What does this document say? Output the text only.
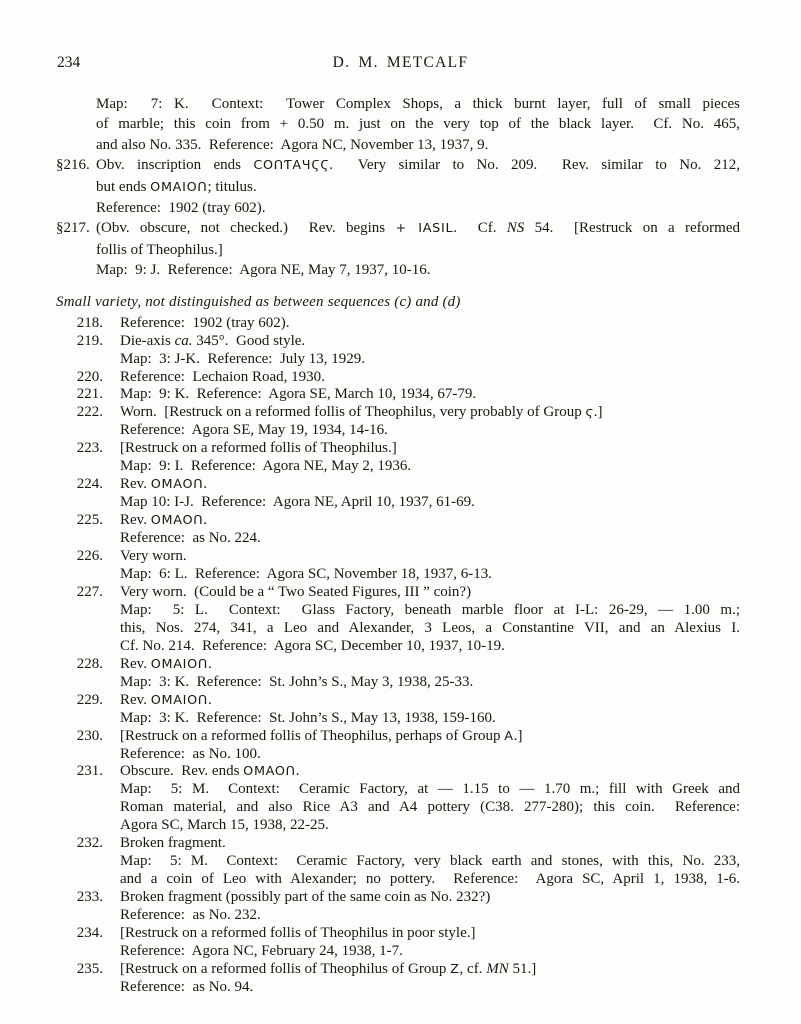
234	D. M. METCALF
Map:  7: K.  Context:  Tower Complex Shops, a thick burnt layer, full of small pieces
of marble; this coin from + 0.50 m. just on the very top of the black layer.  Cf. No. 465,
and also No. 335.  Reference:  Agora NC, November 13, 1937, 9.
§216. Obv. inscription ends COՈƬAЧϚϚ.  Very similar to No. 209.  Rev. similar to No. 212,
but ends OMAIOՈ; titulus.
Reference:  1902 (tray 602).
§217. (Obv. obscure, not checked.)  Rev. begins + IASIL.  Cf. NS 54.  [Restruck on a reformed
follis of Theophilus.]
Map:  9: J.  Reference:  Agora NE, May 7, 1937, 10-16.
Small variety, not distinguished as between sequences (c) and (d)
218. Reference:  1902 (tray 602).
219. Die-axis ca. 345°.  Good style.
Map:  3: J-K.  Reference:  July 13, 1929.
220. Reference:  Lechaion Road, 1930.
221. Map:  9: K.  Reference:  Agora SE, March 10, 1934, 67-79.
222. Worn.  [Restruck on a reformed follis of Theophilus, very probably of Group ϛ.]
Reference:  Agora SE, May 19, 1934, 14-16.
223. [Restruck on a reformed follis of Theophilus.]
Map:  9: I.  Reference:  Agora NE, May 2, 1936.
224. Rev. OMAOՈ.
Map 10: I-J.  Reference:  Agora NE, April 10, 1937, 61-69.
225. Rev. OMAOՈ.
Reference:  as No. 224.
226. Very worn.
Map:  6: L.  Reference:  Agora SC, November 18, 1937, 6-13.
227. Very worn.  (Could be a “ Two Seated Figures, III ” coin?)
Map:  5: L.  Context:  Glass Factory, beneath marble floor at I-L: 26-29, — 1.00 m.;
this, Nos. 274, 341, a Leo and Alexander, 3 Leos, a Constantine VII, and an Alexius I.
Cf. No. 214.  Reference:  Agora SC, December 10, 1937, 10-19.
228. Rev. OMAIOՈ.
Map:  3: K.  Reference:  St. John’s S., May 3, 1938, 25-33.
229. Rev. OMAIOՈ.
Map:  3: K.  Reference:  St. John’s S., May 13, 1938, 159-160.
230. [Restruck on a reformed follis of Theophilus, perhaps of Group A.]
Reference:  as No. 100.
231. Obscure.  Rev. ends OMAOՈ.
Map:  5: M.  Context:  Ceramic Factory, at — 1.15 to — 1.70 m.; fill with Greek and
Roman material, and also Rice A3 and A4 pottery (C38. 277-280); this coin.  Reference:
Agora SC, March 15, 1938, 22-25.
232. Broken fragment.
Map:  5: M.  Context:  Ceramic Factory, very black earth and stones, with this, No. 233,
and a coin of Leo with Alexander; no pottery.  Reference:  Agora SC, April 1, 1938, 1-6.
233. Broken fragment (possibly part of the same coin as No. 232?)
Reference:  as No. 232.
234. [Restruck on a reformed follis of Theophilus in poor style.]
Reference:  Agora NC, February 24, 1938, 1-7.
235. [Restruck on a reformed follis of Theophilus of Group Z, cf. MN 51.]
Reference:  as No. 94.
